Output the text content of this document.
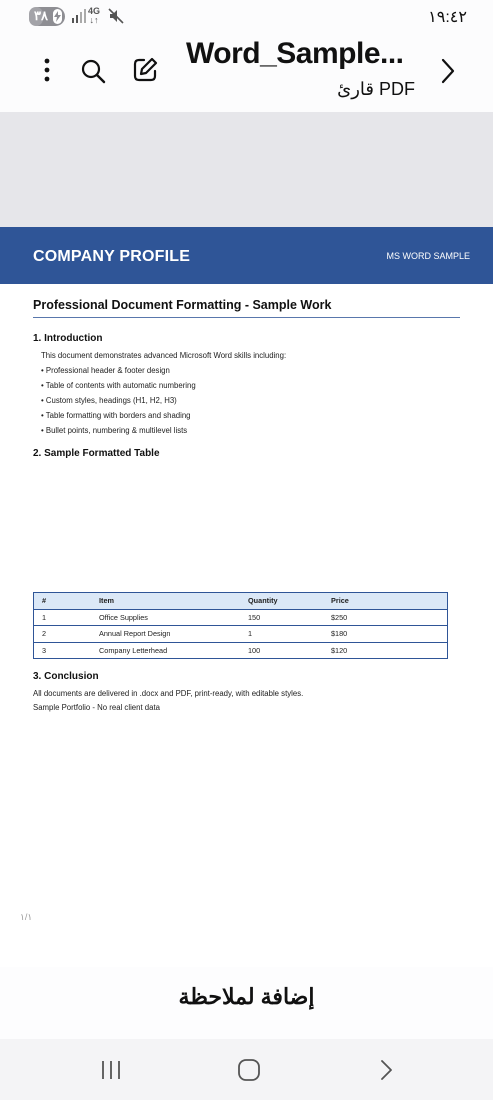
٣٨	4G
↓↑	١٩:٤٢
Word_Sample...
قارئ PDF
COMPANY PROFILE	MS WORD SAMPLE
Professional Document Formatting - Sample Work
1. Introduction
This document demonstrates advanced Microsoft Word skills including:
• Professional header & footer design
• Table of contents with automatic numbering
• Custom styles, headings (H1, H2, H3)
• Table formatting with borders and shading
• Bullet points, numbering & multilevel lists
2. Sample Formatted Table
#	Item	Quantity	Price
1	Office Supplies	150	$250
2	Annual Report Design	1	$180
3	Company Letterhead	100	$120
3. Conclusion
All documents are delivered in .docx and PDF, print-ready, with editable styles.
Sample Portfolio - No real client data
١/١
إضافة لملاحظة
